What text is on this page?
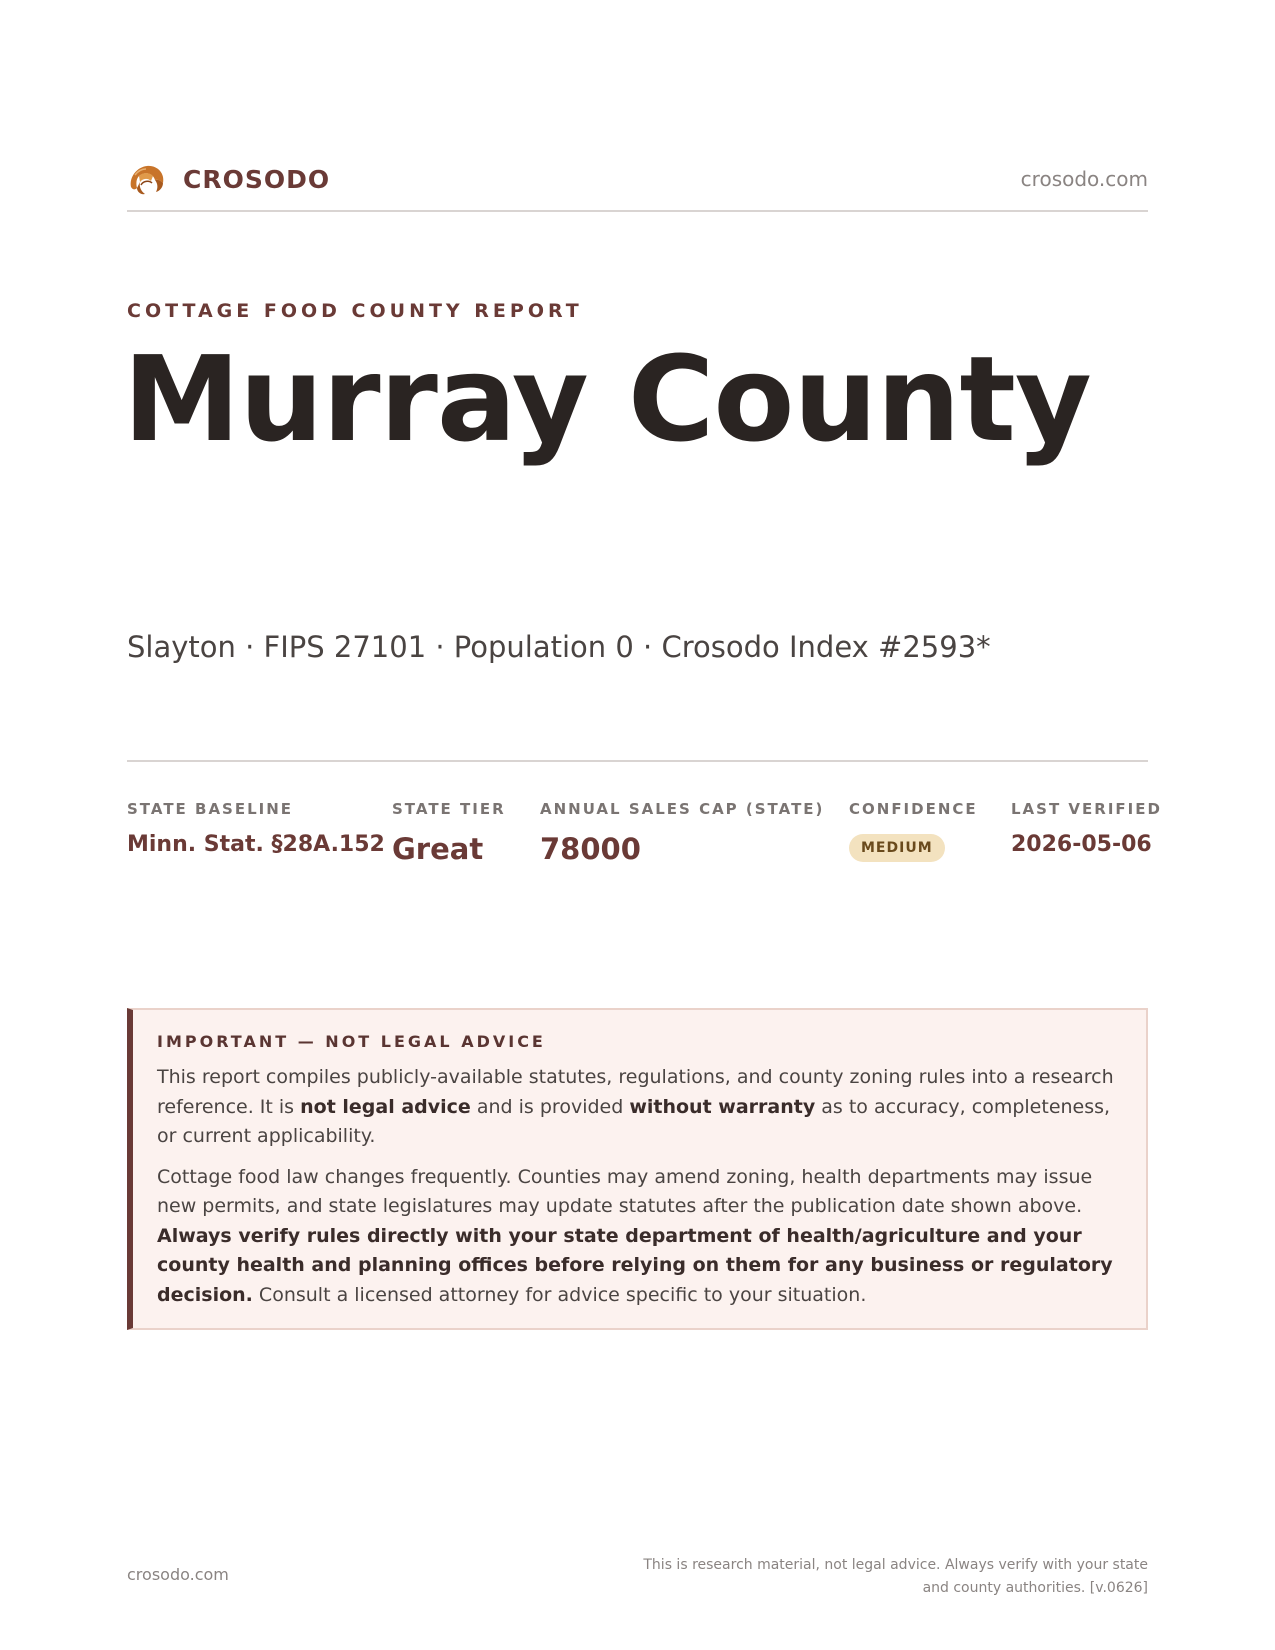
CROSODO	crosodo.com
COTTAGE FOOD COUNTY REPORT
Murray County
Slayton · FIPS 27101 · Population 0 · Crosodo Index #2593*
STATE BASELINE
Minn. Stat. §28A.152
STATE TIER
Great
ANNUAL SALES CAP (STATE)
78000
CONFIDENCE
MEDIUM
LAST VERIFIED
2026-05-06
IMPORTANT — NOT LEGAL ADVICE

This report compiles publicly-available statutes, regulations, and county zoning rules into a research reference. It is not legal advice and is provided without warranty as to accuracy, completeness, or current applicability.

Cottage food law changes frequently. Counties may amend zoning, health departments may issue new permits, and state legislatures may update statutes after the publication date shown above. Always verify rules directly with your state department of health/agriculture and your county health and planning offices before relying on them for any business or regulatory decision. Consult a licensed attorney for advice specific to your situation.

crosodo.com	This is research material, not legal advice. Always verify with your state
and county authorities. [v.0626]
